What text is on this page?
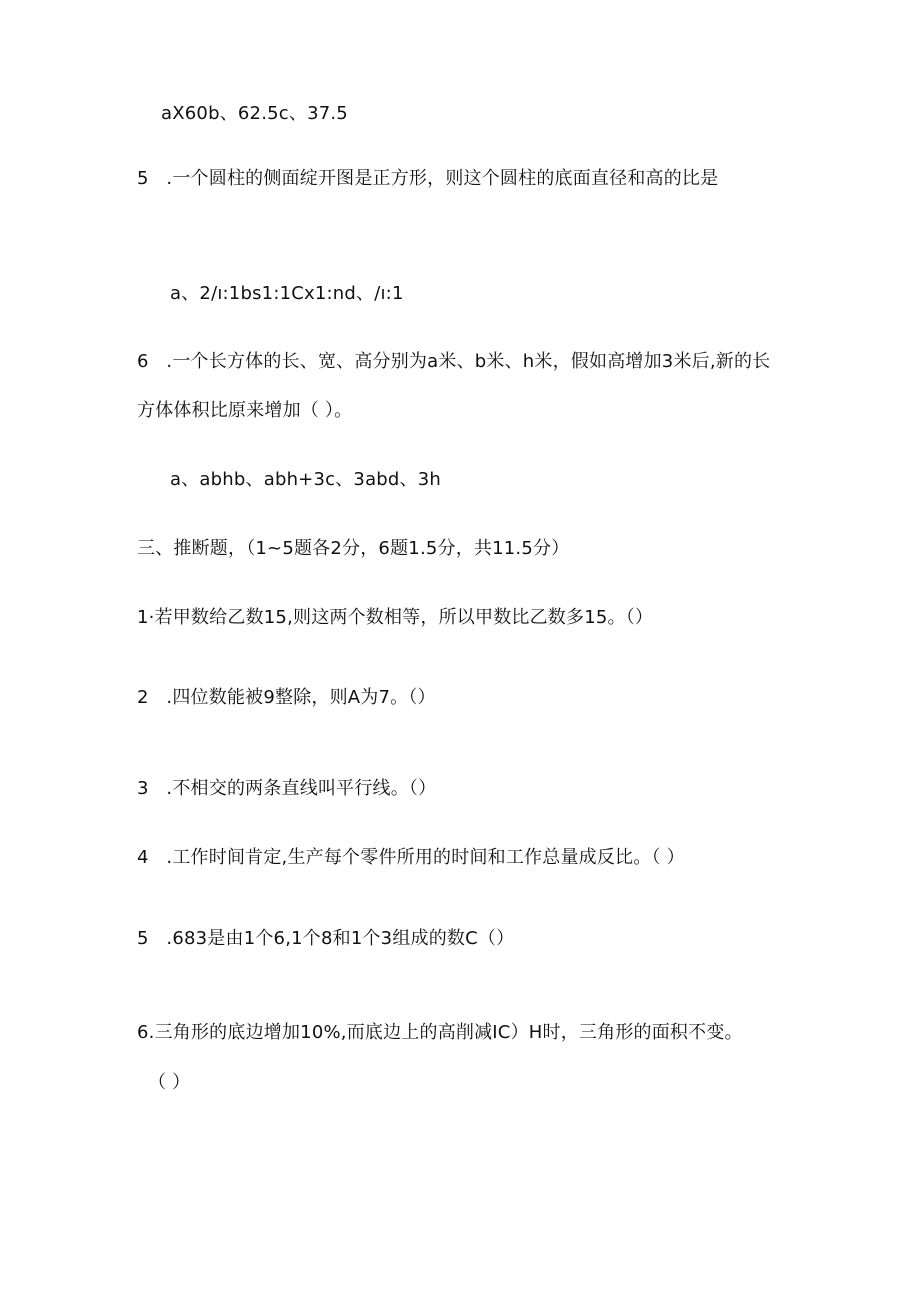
aX60b、62.5c、37.5
5   .一个圆柱的侧面绽开图是正方形，则这个圆柱的底面直径和高的比是
a、2/ı:1bs1:1Cx1:nd、/ı:1
6   .一个长方体的长、宽、高分别为a米、b米、h米，假如高增加3米后,新的长
方体体积比原来增加（ ）。
a、abhb、abh+3c、3abd、3h
三、推断题，（1~5题各2分，6题1.5分，共11.5分）
1·若甲数给乙数15,则这两个数相等，所以甲数比乙数多15。（）
2   .四位数能被9整除，则A为7。（）
3   .不相交的两条直线叫平行线。（）
4   .工作时间肯定,生产每个零件所用的时间和工作总量成反比。（ ）
5   .683是由1个6,1个8和1个3组成的数C（）
6.三角形的底边增加10%,而底边上的高削减IC）H时，三角形的面积不变。
（ ）
